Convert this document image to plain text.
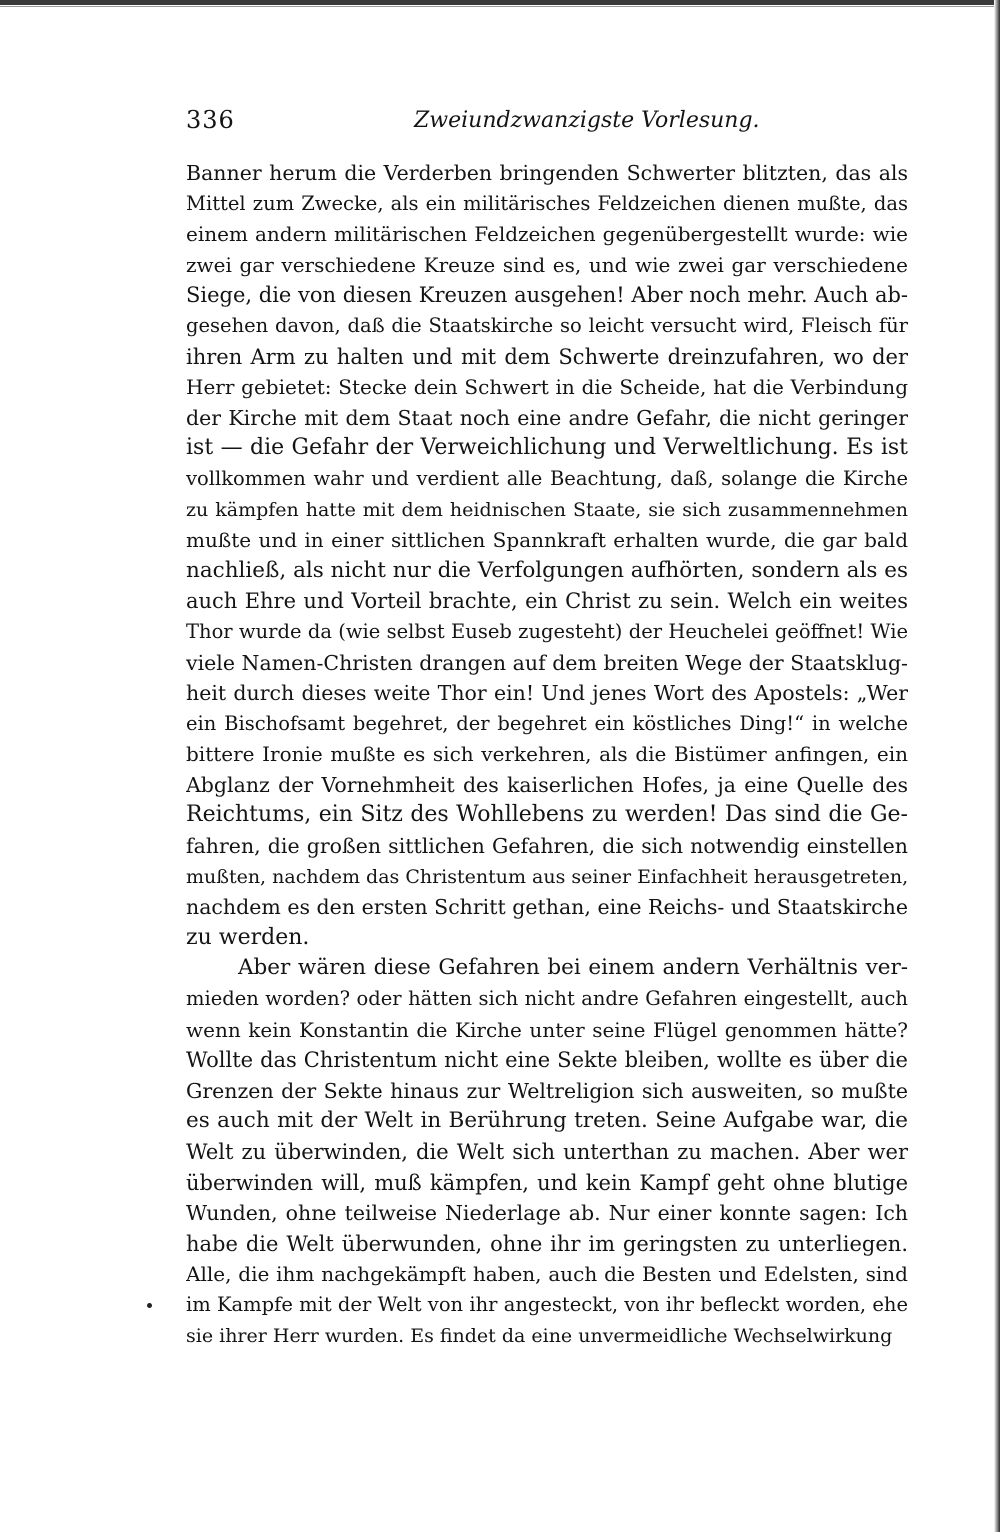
336	Zweiundzwanzigste Vorlesung.
Banner herum die Verderben bringenden Schwerter blitzten, das als
Mittel zum Zwecke, als ein militärisches Feldzeichen dienen mußte, das
einem andern militärischen Feldzeichen gegenübergestellt wurde: wie
zwei gar verschiedene Kreuze sind es, und wie zwei gar verschiedene
Siege, die von diesen Kreuzen ausgehen! Aber noch mehr. Auch ab-
gesehen davon, daß die Staatskirche so leicht versucht wird, Fleisch für
ihren Arm zu halten und mit dem Schwerte dreinzufahren, wo der
Herr gebietet: Stecke dein Schwert in die Scheide, hat die Verbindung
der Kirche mit dem Staat noch eine andre Gefahr, die nicht geringer
ist — die Gefahr der Verweichlichung und Verweltlichung. Es ist
vollkommen wahr und verdient alle Beachtung, daß, solange die Kirche
zu kämpfen hatte mit dem heidnischen Staate, sie sich zusammennehmen
mußte und in einer sittlichen Spannkraft erhalten wurde, die gar bald
nachließ, als nicht nur die Verfolgungen aufhörten, sondern als es
auch Ehre und Vorteil brachte, ein Christ zu sein. Welch ein weites
Thor wurde da (wie selbst Euseb zugesteht) der Heuchelei geöffnet! Wie
viele Namen-Christen drangen auf dem breiten Wege der Staatsklug-
heit durch dieses weite Thor ein! Und jenes Wort des Apostels: „Wer
ein Bischofsamt begehret, der begehret ein köstliches Ding!“ in welche
bittere Ironie mußte es sich verkehren, als die Bistümer anfingen, ein
Abglanz der Vornehmheit des kaiserlichen Hofes, ja eine Quelle des
Reichtums, ein Sitz des Wohllebens zu werden! Das sind die Ge-
fahren, die großen sittlichen Gefahren, die sich notwendig einstellen
mußten, nachdem das Christentum aus seiner Einfachheit herausgetreten,
nachdem es den ersten Schritt gethan, eine Reichs- und Staatskirche
zu werden.
Aber wären diese Gefahren bei einem andern Verhältnis ver-
mieden worden? oder hätten sich nicht andre Gefahren eingestellt, auch
wenn kein Konstantin die Kirche unter seine Flügel genommen hätte?
Wollte das Christentum nicht eine Sekte bleiben, wollte es über die
Grenzen der Sekte hinaus zur Weltreligion sich ausweiten, so mußte
es auch mit der Welt in Berührung treten. Seine Aufgabe war, die
Welt zu überwinden, die Welt sich unterthan zu machen. Aber wer
überwinden will, muß kämpfen, und kein Kampf geht ohne blutige
Wunden, ohne teilweise Niederlage ab. Nur einer konnte sagen: Ich
habe die Welt überwunden, ohne ihr im geringsten zu unterliegen.
Alle, die ihm nachgekämpft haben, auch die Besten und Edelsten, sind
im Kampfe mit der Welt von ihr angesteckt, von ihr befleckt worden, ehe
sie ihrer Herr wurden. Es findet da eine unvermeidliche Wechselwirkung
